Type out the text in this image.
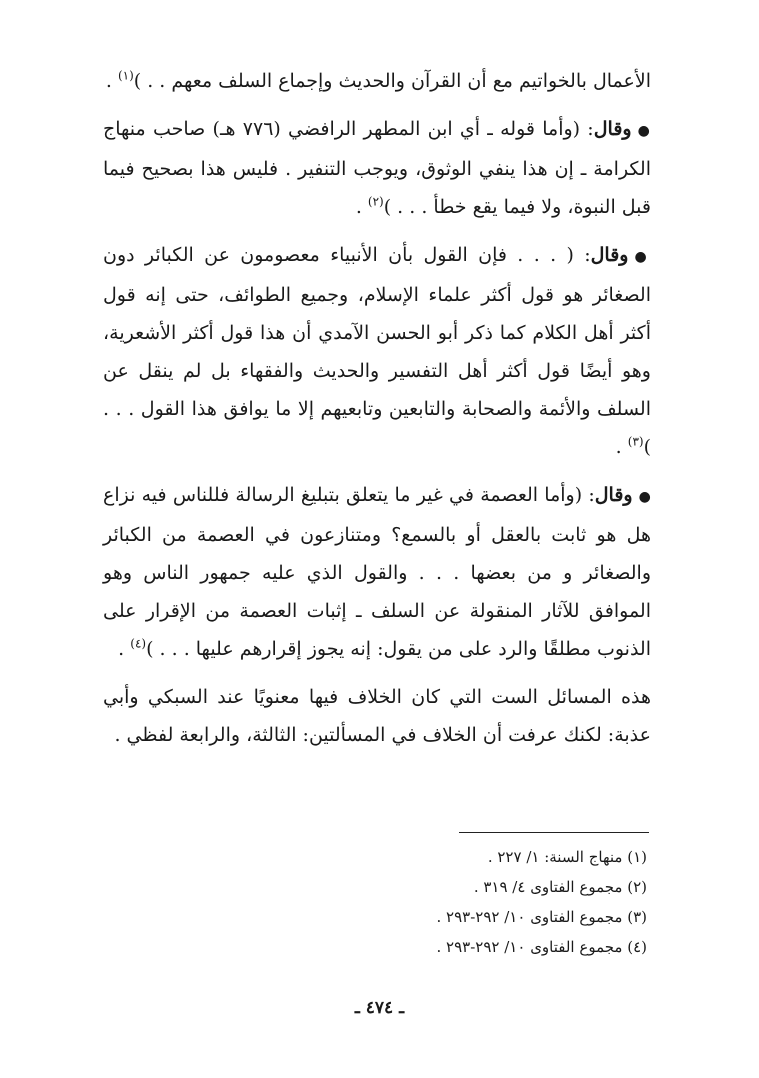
الأعمال بالخواتيم مع أن القرآن والحديث وإجماع السلف معهم . . )$^{(١)}$ .

●وقال: (وأما قوله ـ أي ابن المطهر الرافضي (٧٧٦ هـ) صاحب منهاج الكرامة ـ إن هذا ينفي الوثوق، ويوجب التنفير . فليس هذا بصحيح فيما قبل النبوة، ولا فيما يقع خطأ . . . )$^{(٢)}$ .

●وقال: ( . . . فإن القول بأن الأنبياء معصومون عن الكبائر دون الصغائر هو قول أكثر علماء الإسلام، وجميع الطوائف، حتى إنه قول أكثر أهل الكلام كما ذكر أبو الحسن الآمدي أن هذا قول أكثر الأشعرية، وهو أيضًا قول أكثر أهل التفسير والحديث والفقهاء بل لم ينقل عن السلف والأئمة والصحابة والتابعين وتابعيهم إلا ما يوافق هذا القول . . . )$^{(٣)}$ .

●وقال: (وأما العصمة في غير ما يتعلق بتبليغ الرسالة فللناس فيه نزاع هل هو ثابت بالعقل أو بالسمع؟ ومتنازعون في العصمة من الكبائر والصغائر و من بعضها . . . والقول الذي عليه جمهور الناس وهو الموافق للآثار المنقولة عن السلف ـ إثبات العصمة من الإقرار على الذنوب مطلقًا والرد على من يقول: إنه يجوز إقرارهم عليها . . . )$^{(٤)}$ .

هذه المسائل الست التي كان الخلاف فيها معنويًا عند السبكي وأبي عذبة: لكنك عرفت أن الخلاف في المسألتين: الثالثة، والرابعة لفظي .

(١) منهاج السنة: ١/ ٢٢٧ .

(٢) مجموع الفتاوى ٤/ ٣١٩ .

(٣) مجموع الفتاوى ١٠/ ٢٩٢-٢٩٣ .

(٤) مجموع الفتاوى ١٠/ ٢٩٢-٢٩٣ .

ـ ٤٧٤ ـ
